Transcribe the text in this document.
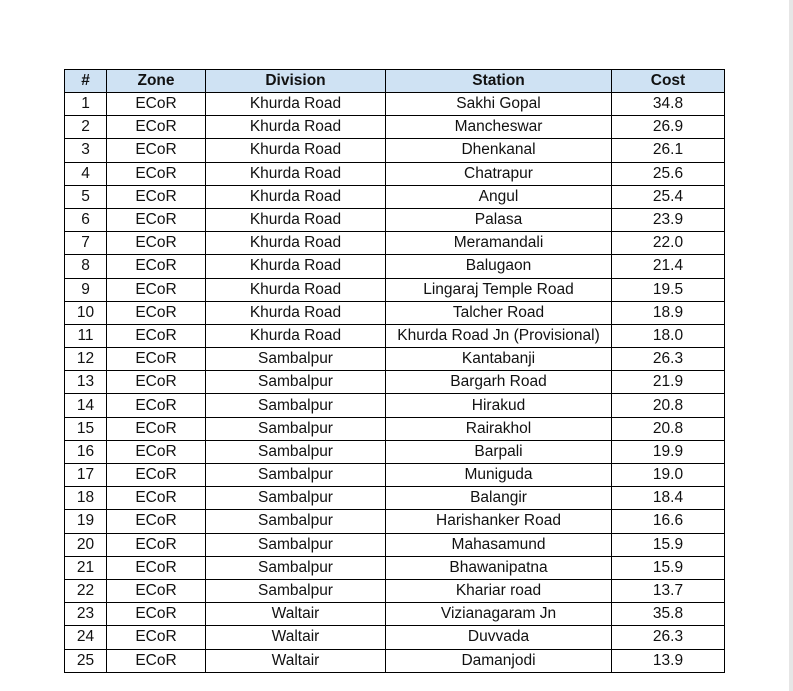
#	Zone	Division	Station	Cost
1	ECoR	Khurda Road	Sakhi Gopal	34.8
2	ECoR	Khurda Road	Mancheswar	26.9
3	ECoR	Khurda Road	Dhenkanal	26.1
4	ECoR	Khurda Road	Chatrapur	25.6
5	ECoR	Khurda Road	Angul	25.4
6	ECoR	Khurda Road	Palasa	23.9
7	ECoR	Khurda Road	Meramandali	22.0
8	ECoR	Khurda Road	Balugaon	21.4
9	ECoR	Khurda Road	Lingaraj Temple Road	19.5
10	ECoR	Khurda Road	Talcher Road	18.9
11	ECoR	Khurda Road	Khurda Road Jn (Provisional)	18.0
12	ECoR	Sambalpur	Kantabanji	26.3
13	ECoR	Sambalpur	Bargarh Road	21.9
14	ECoR	Sambalpur	Hirakud	20.8
15	ECoR	Sambalpur	Rairakhol	20.8
16	ECoR	Sambalpur	Barpali	19.9
17	ECoR	Sambalpur	Muniguda	19.0
18	ECoR	Sambalpur	Balangir	18.4
19	ECoR	Sambalpur	Harishanker Road	16.6
20	ECoR	Sambalpur	Mahasamund	15.9
21	ECoR	Sambalpur	Bhawanipatna	15.9
22	ECoR	Sambalpur	Khariar road	13.7
23	ECoR	Waltair	Vizianagaram Jn	35.8
24	ECoR	Waltair	Duvvada	26.3
25	ECoR	Waltair	Damanjodi	13.9
